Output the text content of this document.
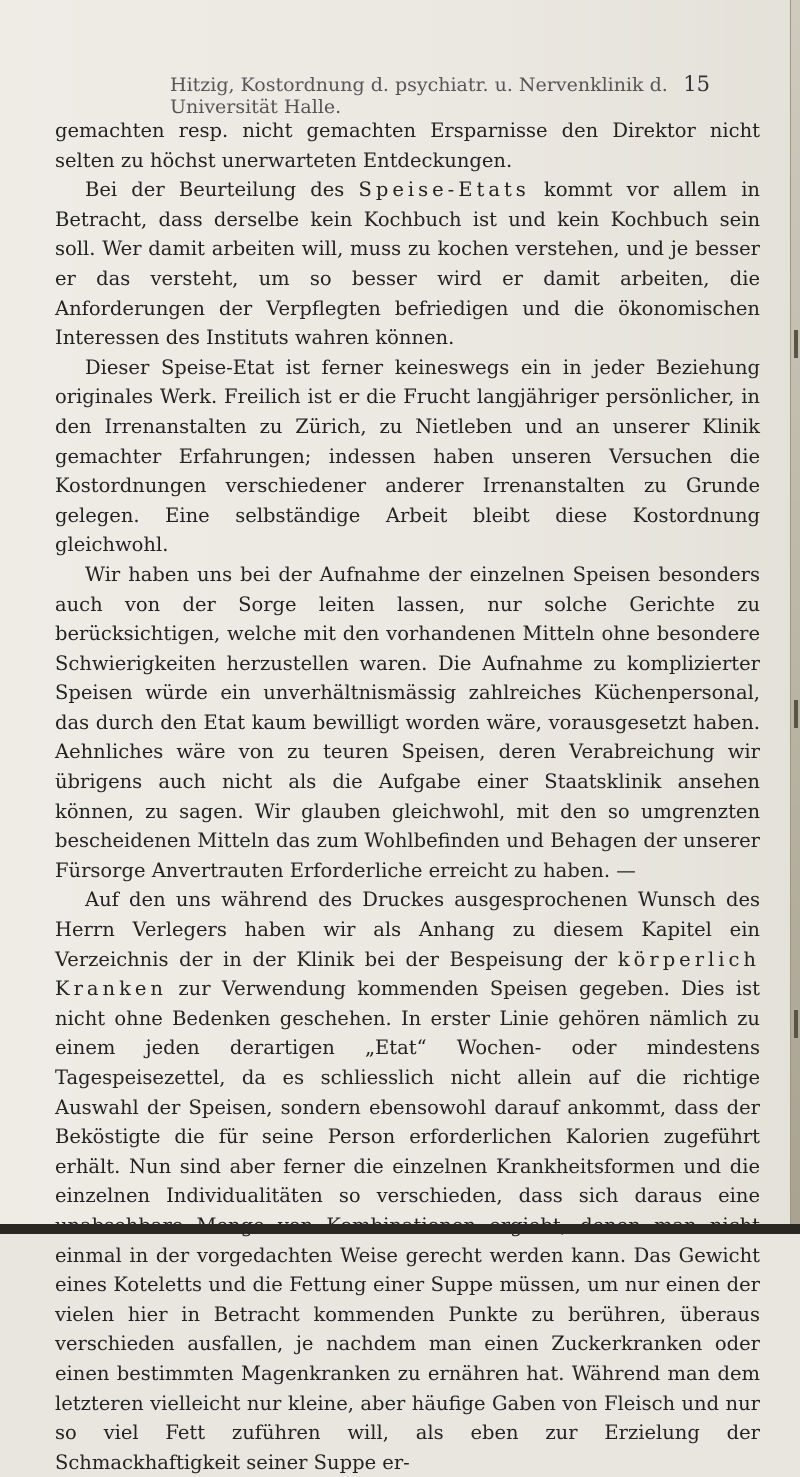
Hitzig, Kostordnung d. psychiatr. u. Nervenklinik d. Universität Halle.
15

gemachten resp. nicht gemachten Ersparnisse den Direktor nicht selten zu höchst unerwarteten Entdeckungen.

Bei der Beurteilung des Speise-Etats kommt vor allem in Betracht, dass derselbe kein Kochbuch ist und kein Kochbuch sein soll. Wer damit arbeiten will, muss zu kochen verstehen, und je besser er das versteht, um so besser wird er damit arbeiten, die Anforderungen der Verpflegten befriedigen und die ökonomischen Interessen des Instituts wahren können.

Dieser Speise-Etat ist ferner keineswegs ein in jeder Beziehung originales Werk. Freilich ist er die Frucht langjähriger persönlicher, in den Irrenanstalten zu Zürich, zu Nietleben und an unserer Klinik gemachter Erfahrungen; indessen haben unseren Versuchen die Kostordnungen verschiedener anderer Irrenanstalten zu Grunde gelegen. Eine selbständige Arbeit bleibt diese Kostordnung gleichwohl.

Wir haben uns bei der Aufnahme der einzelnen Speisen besonders auch von der Sorge leiten lassen, nur solche Gerichte zu berücksichtigen, welche mit den vorhandenen Mitteln ohne besondere Schwierigkeiten herzustellen waren. Die Aufnahme zu komplizierter Speisen würde ein unverhältnismässig zahlreiches Küchenpersonal, das durch den Etat kaum bewilligt worden wäre, vorausgesetzt haben. Aehnliches wäre von zu teuren Speisen, deren Verabreichung wir übrigens auch nicht als die Aufgabe einer Staatsklinik ansehen können, zu sagen. Wir glauben gleichwohl, mit den so umgrenzten bescheidenen Mitteln das zum Wohlbefinden und Behagen der unserer Fürsorge Anvertrauten Erforderliche erreicht zu haben. —

Auf den uns während des Druckes ausgesprochenen Wunsch des Herrn Verlegers haben wir als Anhang zu diesem Kapitel ein Verzeichnis der in der Klinik bei der Bespeisung der körperlich Kranken zur Verwendung kommenden Speisen gegeben. Dies ist nicht ohne Bedenken geschehen. In erster Linie gehören nämlich zu einem jeden derartigen „Etat“ Wochen- oder mindestens Tagespeisezettel, da es schliesslich nicht allein auf die richtige Auswahl der Speisen, sondern ebensowohl darauf ankommt, dass der Beköstigte die für seine Person erforderlichen Kalorien zugeführt erhält. Nun sind aber ferner die einzelnen Krankheitsformen und die einzelnen Individualitäten so verschieden, dass sich daraus eine einmal in der vorgedachten Weise gerecht werden kann. Das Gewicht eines Koteletts und die Fettung einer Suppe müssen, um nur einen der vielen hier in Betracht kommenden Punkte zu berühren, überaus verschieden ausfallen, je nachdem man einen Zuckerkranken oder einen bestimmten Magenkranken zu ernähren hat. Während man dem letzteren vielleicht nur kleine, aber häufige Gaben von Fleisch und nur so viel Fett zuführen will, als eben zur Erzielung der Schmackhaftigkeit seiner Suppe er-
